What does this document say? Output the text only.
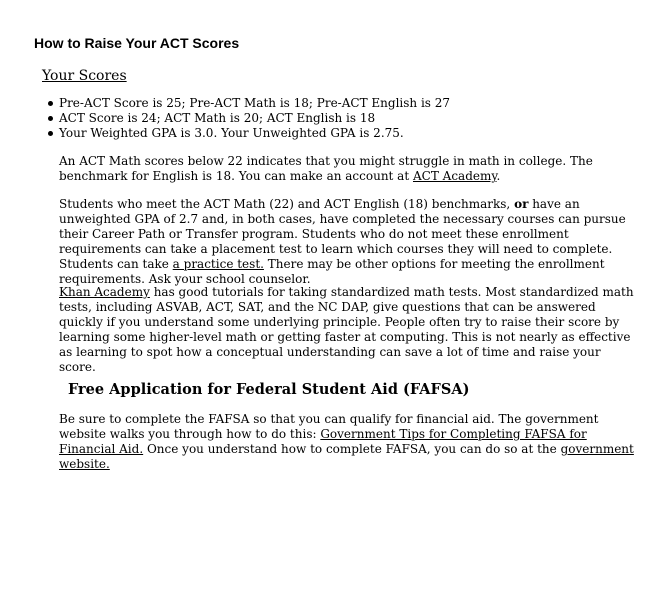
How to Raise Your ACT Scores
Your Scores
Pre-ACT Score is 25; Pre-ACT Math is 18; Pre-ACT English is 27
ACT Score is 24; ACT Math is 20; ACT English is 18
Your Weighted GPA is 3.0. Your Unweighted GPA is 2.75.

An ACT Math scores below 22 indicates that you might struggle in math in college. The benchmark for English is 18. You can make an account at ACT Academy.

Students who meet the ACT Math (22) and ACT English (18) benchmarks, or have an unweighted GPA of 2.7 and, in both cases, have completed the necessary courses can pursue their Career Path or Transfer program. Students who do not meet these enrollment requirements can take a placement test to learn which courses they will need to complete. Students can take a practice test. There may be other options for meeting the enrollment requirements. Ask your school counselor.

Khan Academy has good tutorials for taking standardized math tests. Most standardized math tests, including ASVAB, ACT, SAT, and the NC DAP, give questions that can be answered quickly if you understand some underlying principle. People often try to raise their score by learning some higher-level math or getting faster at computing. This is not nearly as effective as learning to spot how a conceptual understanding can save a lot of time and raise your score.

Free Application for Federal Student Aid (FAFSA)

Be sure to complete the FAFSA so that you can qualify for financial aid. The government website walks you through how to do this: Government Tips for Completing FAFSA for Financial Aid. Once you understand how to complete FAFSA, you can do so at the government website.
